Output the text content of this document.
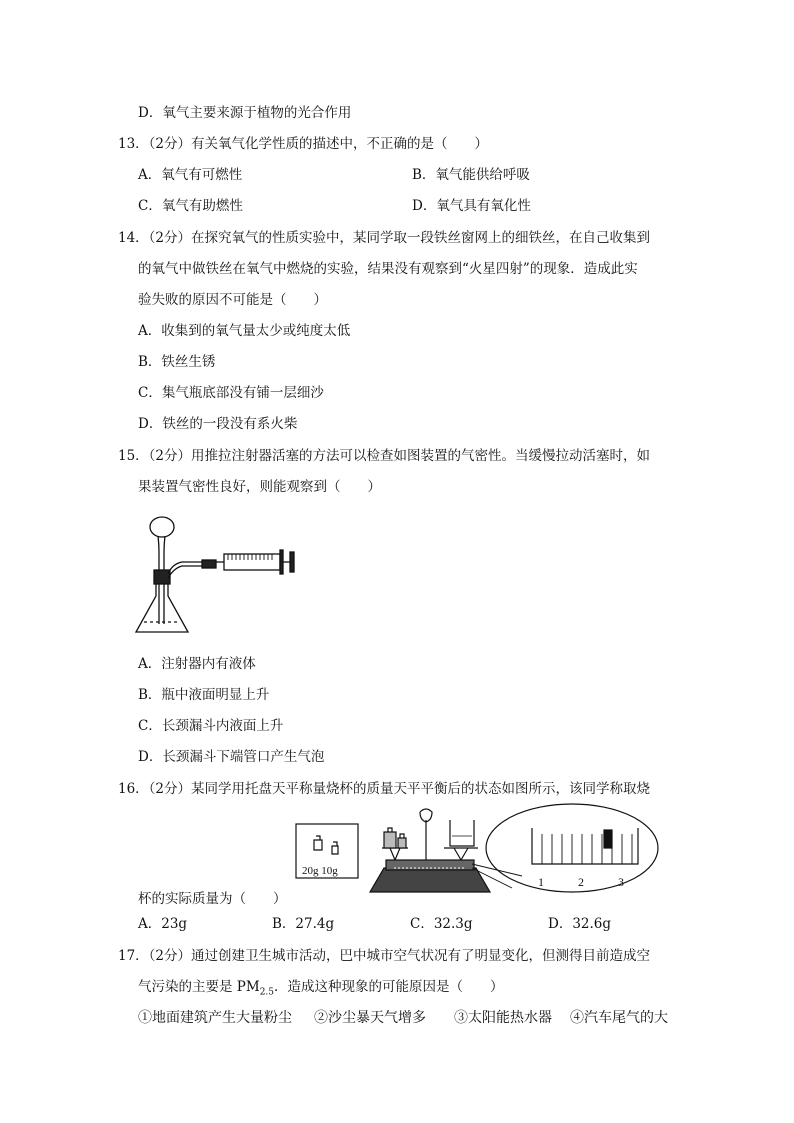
D．氧气主要来源于植物的光合作用
13．（2分）有关氧气化学性质的描述中，不正确的是（　　）
A．氧气有可燃性	B．氧气能供给呼吸
C．氧气有助燃性	D．氧气具有氧化性
14．（2分）在探究氧气的性质实验中，某同学取一段铁丝窗网上的细铁丝，在自己收集到
的氧气中做铁丝在氧气中燃烧的实验，结果没有观察到“火星四射”的现象．造成此实
验失败的原因不可能是（　　）
A．收集到的氧气量太少或纯度太低
B．铁丝生锈
C．集气瓶底部没有铺一层细沙
D．铁丝的一段没有系火柴
15．（2分）用推拉注射器活塞的方法可以检查如图装置的气密性。当缓慢拉动活塞时，如
果装置气密性良好，则能观察到（　　）
A．注射器内有液体
B．瓶中液面明显上升
C．长颈漏斗内液面上升
D．长颈漏斗下端管口产生气泡
16．（2分）某同学用托盘天平称量烧杯的质量天平平衡后的状态如图所示，该同学称取烧
20g 10g
1	2	3
杯的实际质量为（　　）
A．23g	B．27.4g	C．32.3g	D．32.6g
17．（2分）通过创建卫生城市活动，巴中城市空气状况有了明显变化，但测得目前造成空
气污染的主要是 $PM_{2.5}$．造成这种现象的可能原因是（　　）
①地面建筑产生大量粉尘 ②沙尘暴天气增多 ③太阳能热水器 ④汽车尾气的大
